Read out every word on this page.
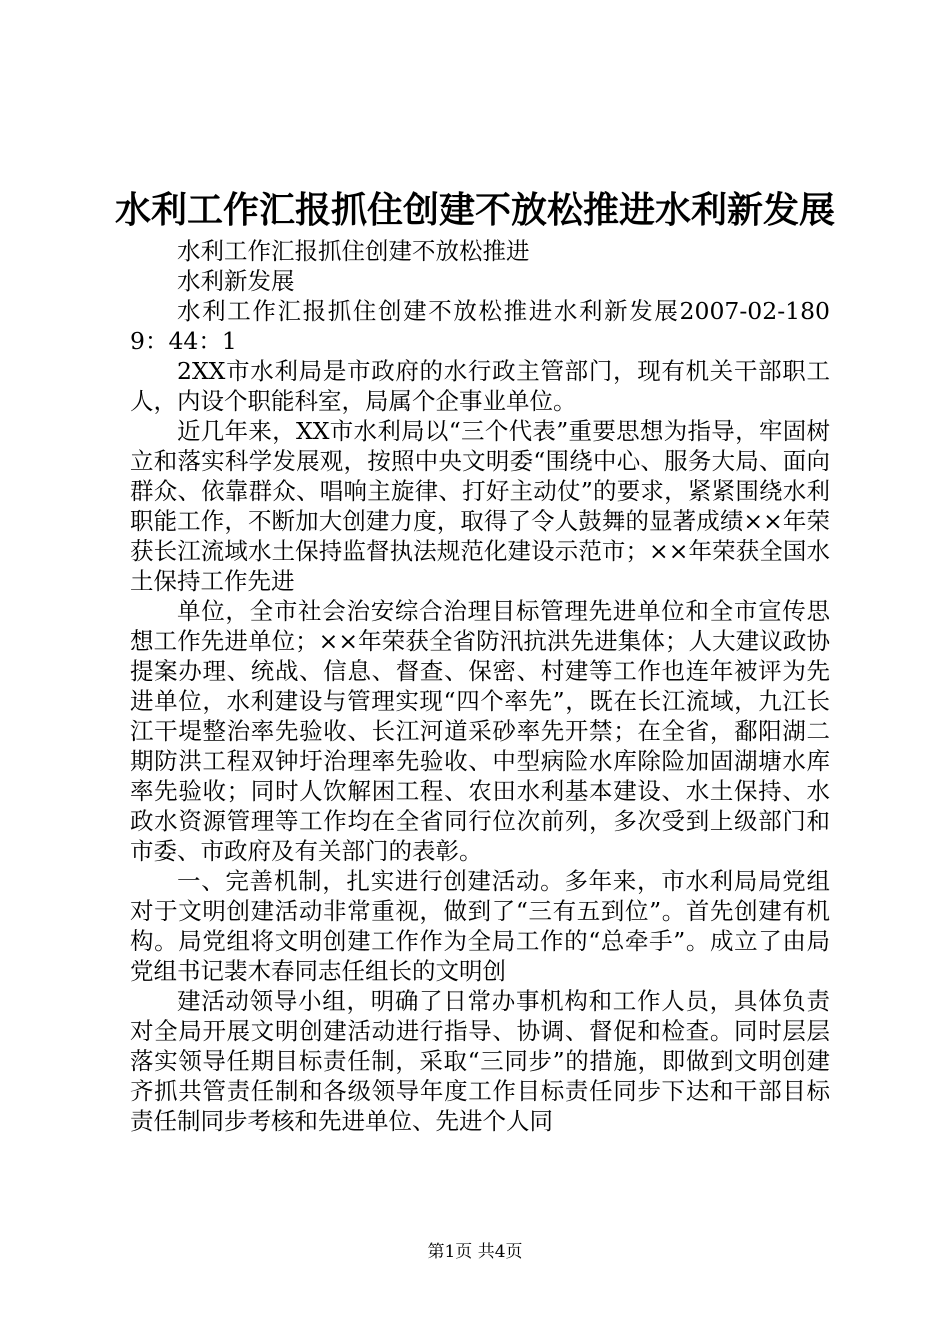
水利工作汇报抓住创建不放松推进水利新发展

水利工作汇报抓住创建不放松推进

水利新发展

水利工作汇报抓住创建不放松推进水利新发展2007-02-1809：44：1

2XX市水利局是市政府的水行政主管部门，现有机关干部职工人，内设个职能科室，局属个企事业单位。

近几年来，XX市水利局以“三个代表”重要思想为指导，牢固树立和落实科学发展观，按照中央文明委“围绕中心、服务大局、面向群众、依靠群众、唱响主旋律、打好主动仗”的要求，紧紧围绕水利职能工作，不断加大创建力度，取得了令人鼓舞的显著成绩××年荣获长江流域水土保持监督执法规范化建设示范市；××年荣获全国水土保持工作先进

单位，全市社会治安综合治理目标管理先进单位和全市宣传思想工作先进单位；××年荣获全省防汛抗洪先进集体；人大建议政协提案办理、统战、信息、督查、保密、村建等工作也连年被评为先进单位，水利建设与管理实现“四个率先”，既在长江流域，九江长江干堤整治率先验收、长江河道采砂率先开禁；在全省，鄱阳湖二期防洪工程双钟圩治理率先验收、中型病险水库除险加固湖塘水库率先验收；同时人饮解困工程、农田水利基本建设、水土保持、水政水资源管理等工作均在全省同行位次前列，多次受到上级部门和市委、市政府及有关部门的表彰。

一、完善机制，扎实进行创建活动。多年来，市水利局局党组对于文明创建活动非常重视，做到了“三有五到位”。首先创建有机构。局党组将文明创建工作作为全局工作的“总牵手”。成立了由局党组书记裴木春同志任组长的文明创

建活动领导小组，明确了日常办事机构和工作人员，具体负责对全局开展文明创建活动进行指导、协调、督促和检查。同时层层落实领导任期目标责任制，采取“三同步”的措施，即做到文明创建齐抓共管责任制和各级领导年度工作目标责任同步下达和干部目标责任制同步考核和先进单位、先进个人同

第1页 共4页
